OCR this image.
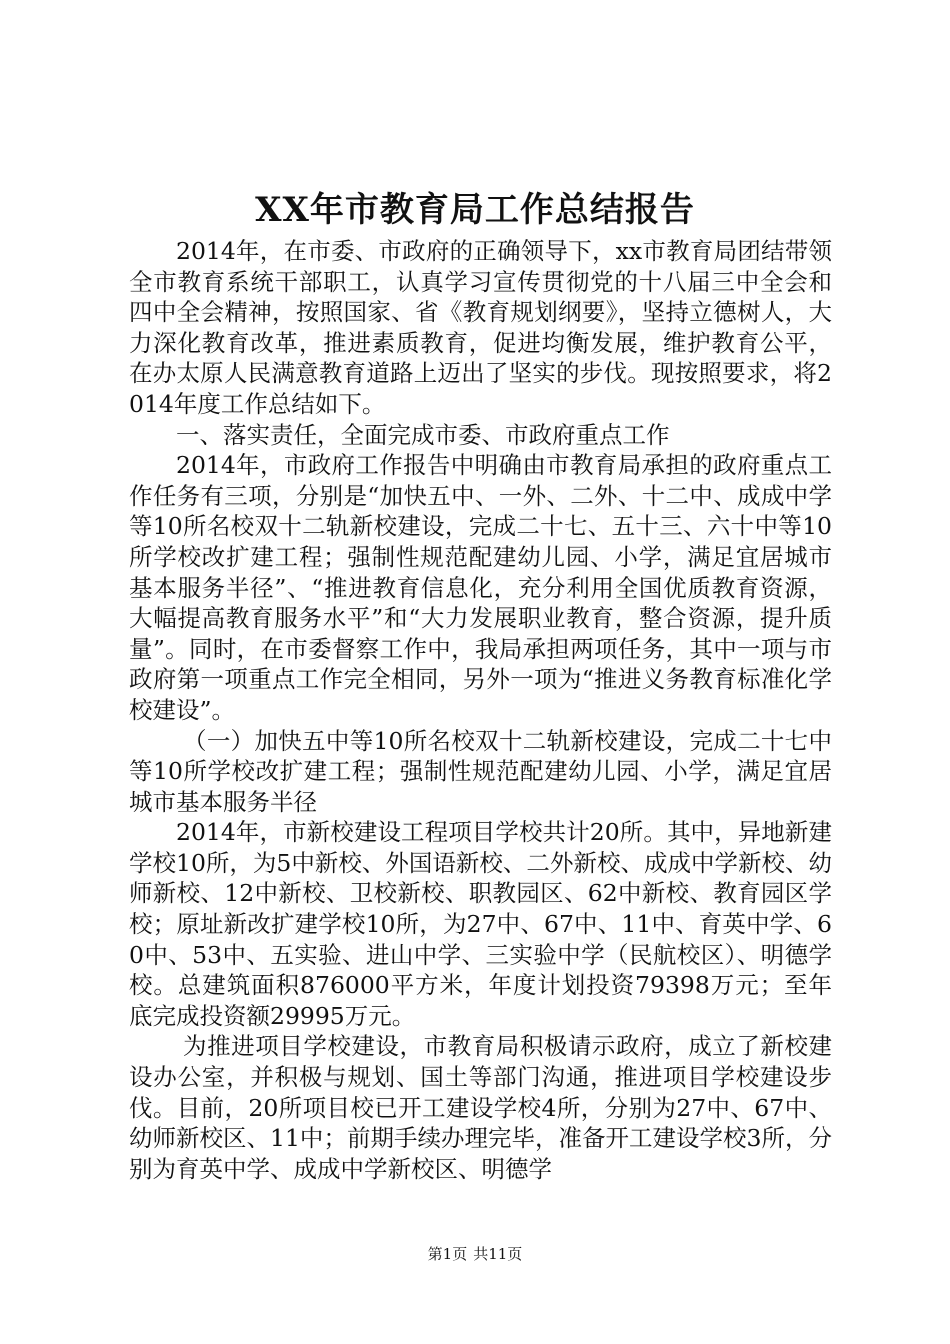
XX年市教育局工作总结报告

2014年，在市委、市政府的正确领导下，xx市教育局团结带领全市教育系统干部职工，认真学习宣传贯彻党的十八届三中全会和四中全会精神，按照国家、省《教育规划纲要》，坚持立德树人，大力深化教育改革，推进素质教育，促进均衡发展，维护教育公平，在办太原人民满意教育道路上迈出了坚实的步伐。现按照要求，将2014年度工作总结如下。

一、落实责任，全面完成市委、市政府重点工作

2014年，市政府工作报告中明确由市教育局承担的政府重点工作任务有三项，分别是“加快五中、一外、二外、十二中、成成中学等10所名校双十二轨新校建设，完成二十七、五十三、六十中等10所学校改扩建工程；强制性规范配建幼儿园、小学，满足宜居城市基本服务半径”、“推进教育信息化，充分利用全国优质教育资源，大幅提高教育服务水平”和“大力发展职业教育，整合资源，提升质量”。同时，在市委督察工作中，我局承担两项任务，其中一项与市政府第一项重点工作完全相同，另外一项为“推进义务教育标准化学校建设”。

（一）加快五中等10所名校双十二轨新校建设，完成二十七中等10所学校改扩建工程；强制性规范配建幼儿园、小学，满足宜居城市基本服务半径

2014年，市新校建设工程项目学校共计20所。其中，异地新建学校10所，为5中新校、外国语新校、二外新校、成成中学新校、幼师新校、12中新校、卫校新校、职教园区、62中新校、教育园区学校；原址新改扩建学校10所，为27中、67中、11中、育英中学、60中、53中、五实验、进山中学、三实验中学（民航校区）、明德学校。总建筑面积876000平方米，年度计划投资79398万元；至年底完成投资额29995万元。

为推进项目学校建设，市教育局积极请示政府，成立了新校建设办公室，并积极与规划、国土等部门沟通，推进项目学校建设步伐。目前，20所项目校已开工建设学校4所，分别为27中、67中、幼师新校区、11中；前期手续办理完毕，准备开工建设学校3所，分别为育英中学、成成中学新校区、明德学

第1页 共11页
